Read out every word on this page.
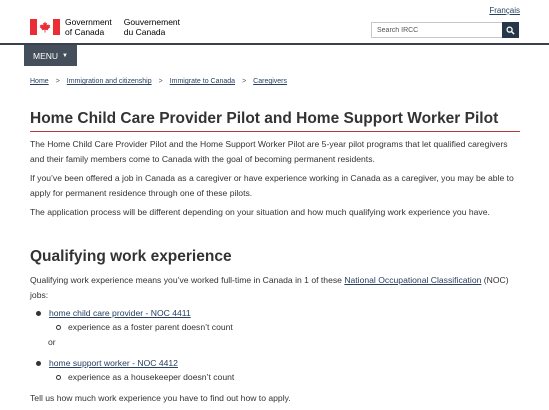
Français
Government
of Canada
Gouvernement
du Canada
Search IRCC
MENU ▼
Home > Immigration and citizenship > Immigrate to Canada > Caregivers
Home Child Care Provider Pilot and Home Support Worker Pilot

The Home Child Care Provider Pilot and the Home Support Worker Pilot are 5-year pilot programs that let qualified caregivers and their family members come to Canada with the goal of becoming permanent residents.

If you’ve been offered a job in Canada as a caregiver or have experience working in Canada as a caregiver, you may be able to apply for permanent residence through one of these pilots.

The application process will be different depending on your situation and how much qualifying work experience you have.

Qualifying work experience

Qualifying work experience means you’ve worked full-time in Canada in 1 of these National Occupational Classification (NOC) jobs:

home child care provider - NOC 4411
experience as a foster parent doesn’t count
or
home support worker - NOC 4412
experience as a housekeeper doesn’t count

Tell us how much work experience you have to find out how to apply.
